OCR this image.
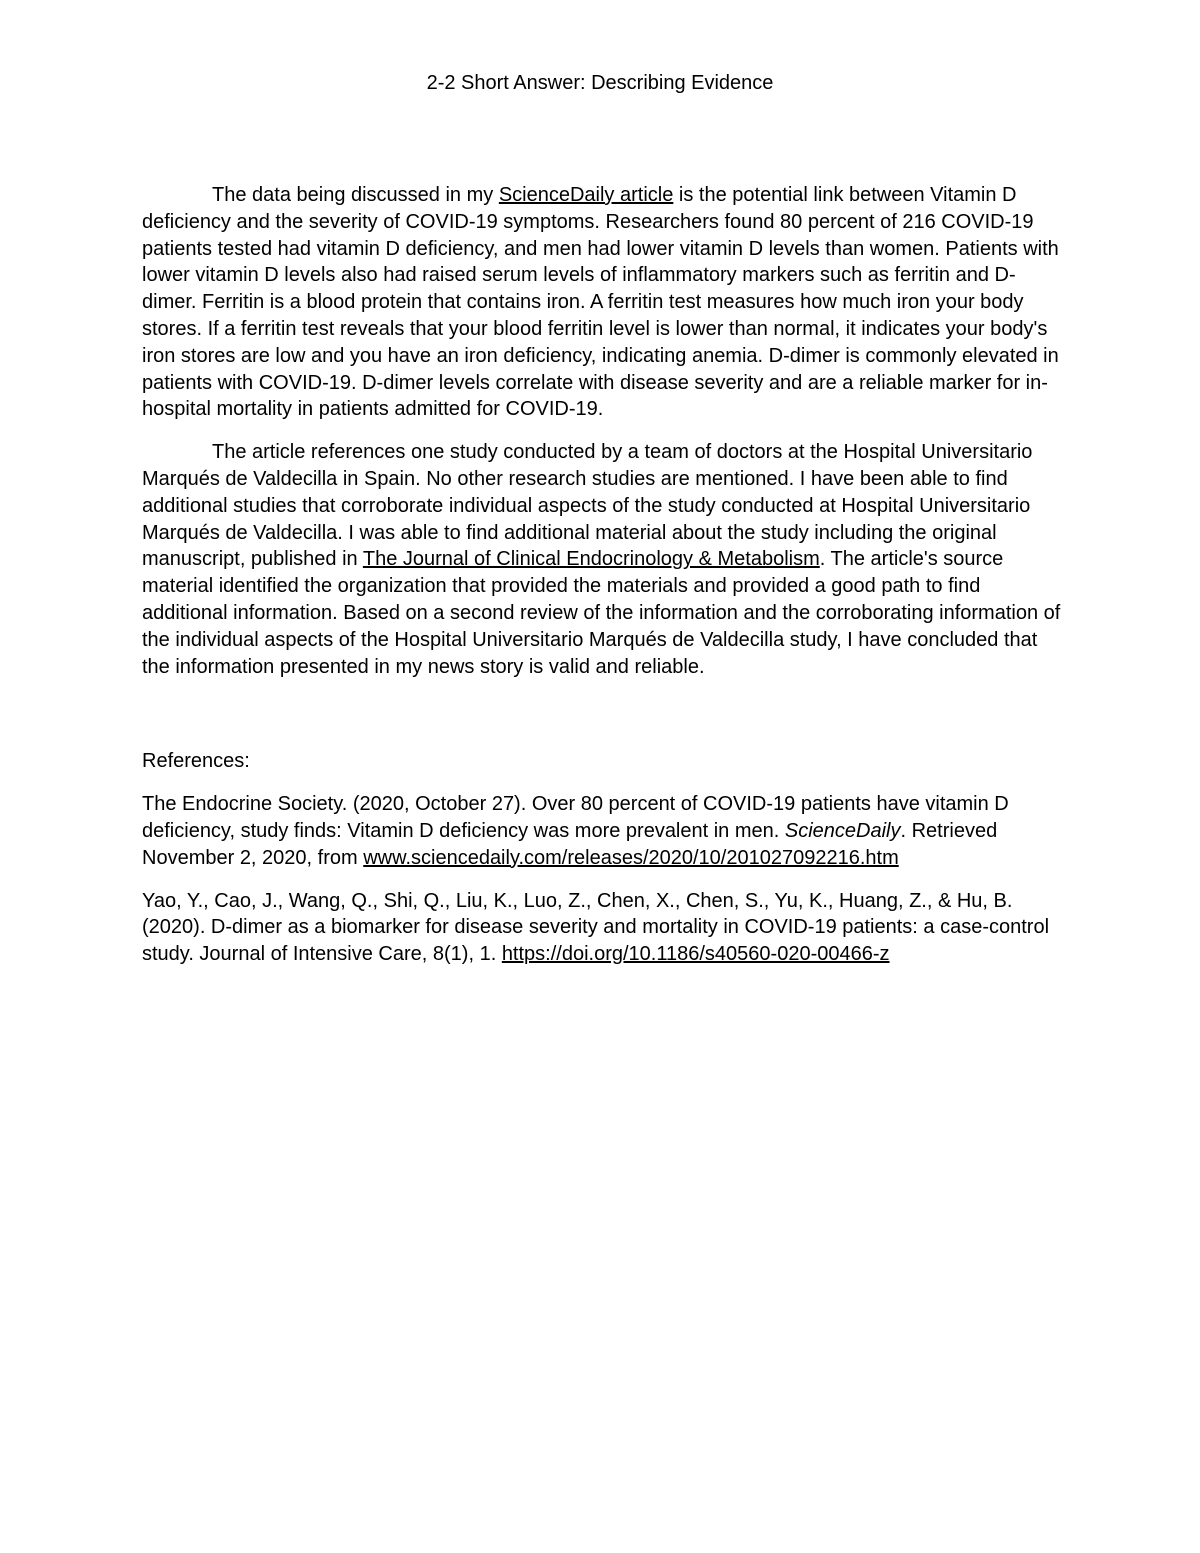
2-2 Short Answer: Describing Evidence

The data being discussed in my ScienceDaily article is the potential link between Vitamin D deficiency and the severity of COVID-19 symptoms. Researchers found 80 percent of 216 COVID-19 patients tested had vitamin D deficiency, and men had lower vitamin D levels than women. Patients with lower vitamin D levels also had raised serum levels of inflammatory markers such as ferritin and D-dimer. Ferritin is a blood protein that contains iron. A ferritin test measures how much iron your body stores. If a ferritin test reveals that your blood ferritin level is lower than normal, it indicates your body's iron stores are low and you have an iron deficiency, indicating anemia. D-dimer is commonly elevated in patients with COVID-19. D-dimer levels correlate with disease severity and are a reliable marker for in-hospital mortality in patients admitted for COVID-19.

The article references one study conducted by a team of doctors at the Hospital Universitario Marqués de Valdecilla in Spain. No other research studies are mentioned. I have been able to find additional studies that corroborate individual aspects of the study conducted at Hospital Universitario Marqués de Valdecilla. I was able to find additional material about the study including the original manuscript, published in The Journal of Clinical Endocrinology & Metabolism. The article's source material identified the organization that provided the materials and provided a good path to find additional information. Based on a second review of the information and the corroborating information of the individual aspects of the Hospital Universitario Marqués de Valdecilla study, I have concluded that the information presented in my news story is valid and reliable.

References:

The Endocrine Society. (2020, October 27). Over 80 percent of COVID-19 patients have vitamin D deficiency, study finds: Vitamin D deficiency was more prevalent in men. ScienceDaily. Retrieved November 2, 2020, from www.sciencedaily.com/releases/2020/10/201027092216.htm

Yao, Y., Cao, J., Wang, Q., Shi, Q., Liu, K., Luo, Z., Chen, X., Chen, S., Yu, K., Huang, Z., & Hu, B. (2020). D-dimer as a biomarker for disease severity and mortality in COVID-19 patients: a case-control study. Journal of Intensive Care, 8(1), 1. https://doi.org/10.1186/s40560-020-00466-z
